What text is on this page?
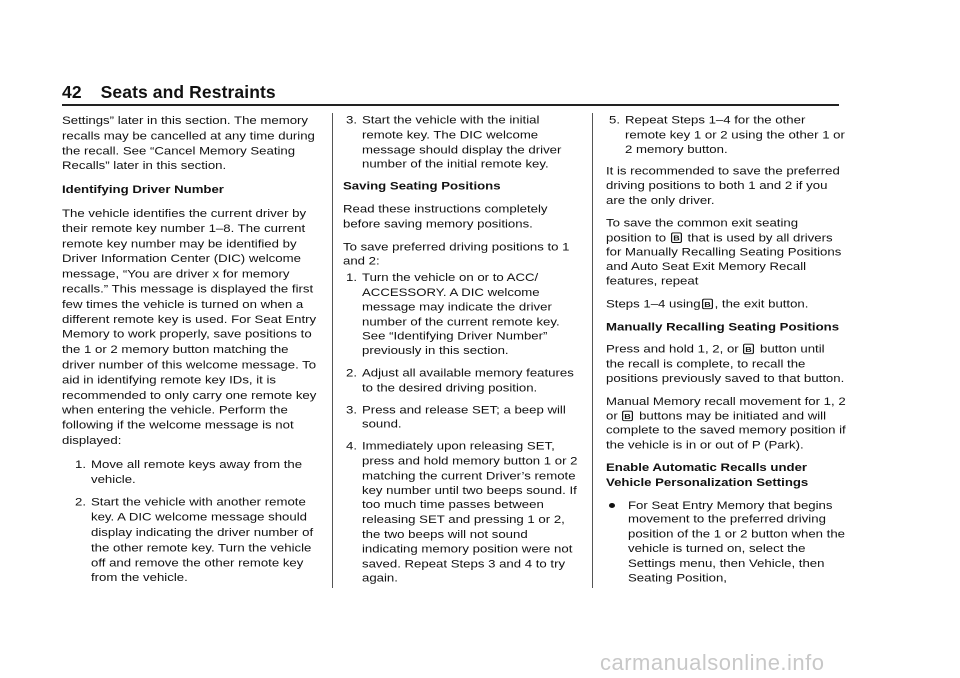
42 Seats and Restraints

Settings” later in this section. The memory recalls may be cancelled at any time during the recall. See “Cancel Memory Seating Recalls” later in this section.

Identifying Driver Number

The vehicle identifies the current driver by their remote key number 1–8. The current remote key number may be identified by Driver Information Center (DIC) welcome message, “You are driver x for memory recalls.” This message is displayed the first few times the vehicle is turned on when a different remote key is used. For Seat Entry Memory to work properly, save positions to the 1 or 2 memory button matching the driver number of this welcome message. To aid in identifying remote key IDs, it is recommended to only carry one remote key when entering the vehicle. Perform the following if the welcome message is not displayed:

1. Move all remote keys away from the vehicle.
2. Start the vehicle with another remote key. A DIC welcome message should display indicating the driver number of the other remote key. Turn the vehicle off and remove the other remote key from the vehicle.
3. Start the vehicle with the initial remote key. The DIC welcome message should display the driver number of the initial remote key.
Saving Seating Positions

Read these instructions completely before saving memory positions.

To save preferred driving positions to 1 and 2:

1. Turn the vehicle on or to ACC/ ACCESSORY. A DIC welcome message may indicate the driver number of the current remote key. See “Identifying Driver Number” previously in this section.
2. Adjust all available memory features to the desired driving position.
3. Press and release SET; a beep will sound.
4. Immediately upon releasing SET, press and hold memory button 1 or 2 matching the current Driver’s remote key number until two beeps sound. If too much time passes between releasing SET and pressing 1 or 2, the two beeps will not sound indicating memory position were not saved. Repeat Steps 3 and 4 to try again.
5. Repeat Steps 1–4 for the other remote key 1 or 2 using the other 1 or 2 memory button.

It is recommended to save the preferred driving positions to both 1 and 2 if you are the only driver.

To save the common exit seating position to B that is used by all drivers for Manually Recalling Seating Positions and Auto Seat Exit Memory Recall features, repeat

Steps 1–4 using B , the exit button.

Manually Recalling Seating Positions

Press and hold 1, 2, or B button until the recall is complete, to recall the positions previously saved to that button.

Manual Memory recall movement for 1, 2 or B buttons may be initiated and will complete to the saved memory position if the vehicle is in or out of P (Park).

Enable Automatic Recalls under Vehicle Personalization Settings
For Seat Entry Memory that begins movement to the preferred driving position of the 1 or 2 button when the vehicle is turned on, select the Settings menu, then Vehicle, then Seating Position,
carmanualsonline.info
